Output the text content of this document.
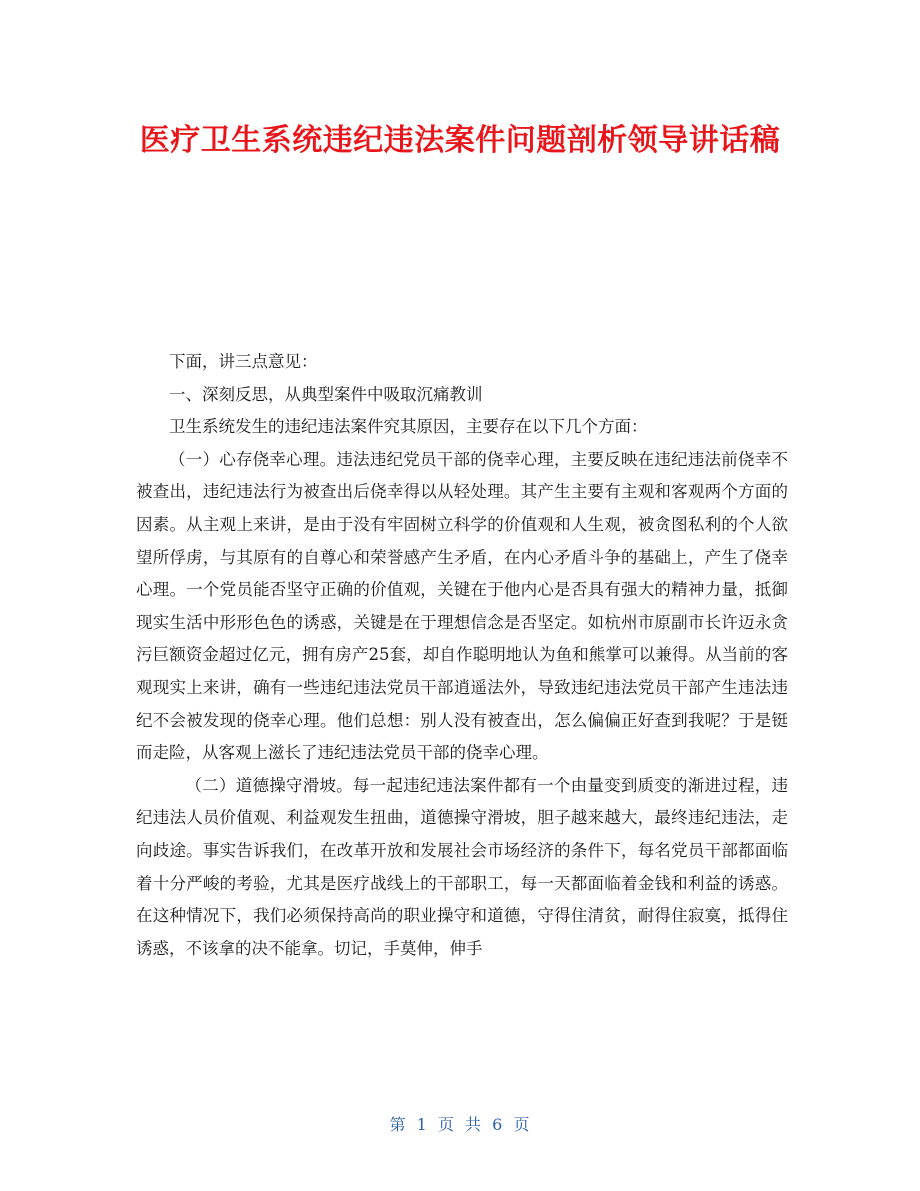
医疗卫生系统违纪违法案件问题剖析领导讲话稿

下面，讲三点意见：

一、深刻反思，从典型案件中吸取沉痛教训

卫生系统发生的违纪违法案件究其原因，主要存在以下几个方面：

（一）心存侥幸心理。违法违纪党员干部的侥幸心理，主要反映在违纪违法前侥幸不被查出，违纪违法行为被查出后侥幸得以从轻处理。其产生主要有主观和客观两个方面的因素。从主观上来讲，是由于没有牢固树立科学的价值观和人生观，被贪图私利的个人欲望所俘虏，与其原有的自尊心和荣誉感产生矛盾，在内心矛盾斗争的基础上，产生了侥幸心理。一个党员能否坚守正确的价值观，关键在于他内心是否具有强大的精神力量，抵御现实生活中形形色色的诱惑，关键是在于理想信念是否坚定。如杭州市原副市长许迈永贪污巨额资金超过亿元，拥有房产25套，却自作聪明地认为鱼和熊掌可以兼得。从当前的客观现实上来讲，确有一些违纪违法党员干部逍遥法外，导致违纪违法党员干部产生违法违纪不会被发现的侥幸心理。他们总想：别人没有被查出，怎么偏偏正好查到我呢？于是铤而走险，从客观上滋长了违纪违法党员干部的侥幸心理。

（二）道德操守滑坡。每一起违纪违法案件都有一个由量变到质变的渐进过程，违纪违法人员价值观、利益观发生扭曲，道德操守滑坡，胆子越来越大，最终违纪违法，走向歧途。事实告诉我们，在改革开放和发展社会市场经济的条件下，每名党员干部都面临着十分严峻的考验，尤其是医疗战线上的干部职工，每一天都面临着金钱和利益的诱惑。在这种情况下，我们必须保持高尚的职业操守和道德，守得住清贫，耐得住寂寞，抵得住诱惑，不该拿的决不能拿。切记，手莫伸，伸手

第 1 页 共 6 页
